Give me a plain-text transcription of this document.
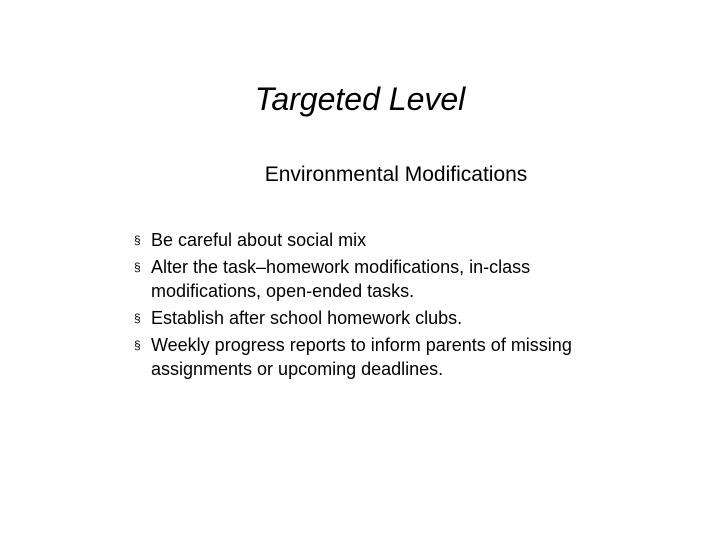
Targeted Level
Environmental Modifications
§ Be careful about social mix
§ Alter the task–homework modifications, in-class modifications, open-ended tasks.
§ Establish after school homework clubs.
§ Weekly progress reports to inform parents of missing assignments or upcoming deadlines.
